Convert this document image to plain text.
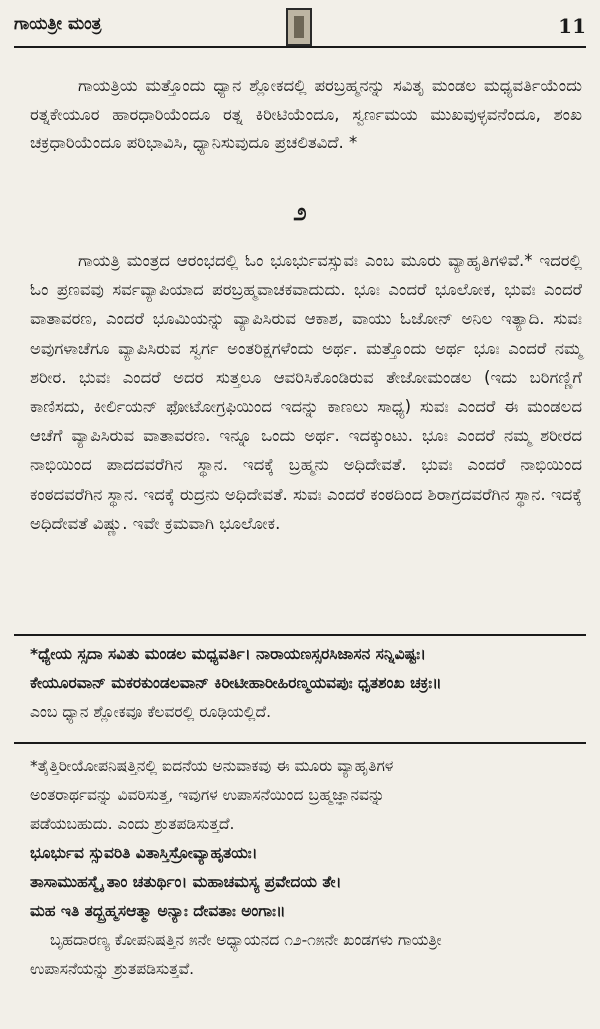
ಗಾಯತ್ರೀ ಮಂತ್ರ	11

ಗಾಯತ್ರಿಯ ಮತ್ತೊಂದು ಧ್ಯಾನ ಶ್ಲೋಕದಲ್ಲಿ ಪರಬ್ರಹ್ಮನನ್ನು ಸವಿತೃ ಮಂಡಲ ಮಧ್ಯವರ್ತಿಯೆಂದು ರತ್ನಕೇಯೂರ ಹಾರಧಾರಿಯೆಂದೂ ರತ್ನ ಕಿರೀಟಿಯೆಂದೂ, ಸ್ವರ್ಣಮಯ ಮುಖವುಳ್ಳವನೆಂದೂ, ಶಂಖ ಚಕ್ರಧಾರಿಯೆಂದೂ ಪರಿಭಾವಿಸಿ, ಧ್ಯಾನಿಸುವುದೂ ಪ್ರಚಲಿತವಿದೆ. *

೨

ಗಾಯತ್ರಿ ಮಂತ್ರದ ಆರಂಭದಲ್ಲಿ ಓಂ ಭೂರ್ಭುವಸ್ಸುವಃ ಎಂಬ ಮೂರು ವ್ಯಾಹೃತಿಗಳಿವೆ.* ಇದರಲ್ಲಿ ಓಂ ಪ್ರಣವವು ಸರ್ವವ್ಯಾಪಿಯಾದ ಪರಬ್ರಹ್ಮವಾಚಕವಾದುದು. ಭೂಃ ಎಂದರೆ ಭೂಲೋಕ, ಭುವಃ ಎಂದರೆ ವಾತಾವರಣ, ಎಂದರೆ ಭೂಮಿಯನ್ನು ವ್ಯಾಪಿಸಿರುವ ಆಕಾಶ, ವಾಯು ಓಜೋನ್ ಅನಿಲ ಇತ್ಯಾದಿ. ಸುವಃ ಅವುಗಳಾಚೆಗೂ ವ್ಯಾಪಿಸಿರುವ ಸ್ವರ್ಗ ಅಂತರಿಕ್ಷಗಳೆಂದು ಅರ್ಥ. ಮತ್ತೊಂದು ಅರ್ಥ ಭೂಃ ಎಂದರೆ ನಮ್ಮ ಶರೀರ. ಭುವಃ ಎಂದರೆ ಅದರ ಸುತ್ತಲೂ ಆವರಿಸಿಕೊಂಡಿರುವ ತೇಜೋಮಂಡಲ (ಇದು ಬರಿಗಣ್ಣಿಗೆ ಕಾಣಿಸದು, ಕೀರ್ಲಿಯನ್ ಫೋಟೋಗ್ರಫಿಯಿಂದ ಇದನ್ನು ಕಾಣಲು ಸಾಧ್ಯ) ಸುವಃ ಎಂದರೆ ಈ ಮಂಡಲದ ಆಚೆಗೆ ವ್ಯಾಪಿಸಿರುವ ವಾತಾವರಣ. ಇನ್ನೂ ಒಂದು ಅರ್ಥ. ಇದಕ್ಕುಂಟು. ಭೂಃ ಎಂದರೆ ನಮ್ಮ ಶರೀರದ ನಾಭಿಯಿಂದ ಪಾದದವರೆಗಿನ ಸ್ಥಾನ. ಇದಕ್ಕೆ ಬ್ರಹ್ಮನು ಅಧಿದೇವತೆ. ಭುವಃ ಎಂದರೆ ನಾಭಿಯಿಂದ ಕಂಠದವರೆಗಿನ ಸ್ಥಾನ. ಇದಕ್ಕೆ ರುದ್ರನು ಅಧಿದೇವತೆ. ಸುವಃ ಎಂದರೆ ಕಂಠದಿಂದ ಶಿರಾಗ್ರದವರೆಗಿನ ಸ್ಥಾನ. ಇದಕ್ಕೆ ಅಧಿದೇವತೆ ವಿಷ್ಣು. ಇವೇ ಕ್ರಮವಾಗಿ ಭೂಲೋಕ.

*ಧ್ಯೇಯ ಸ್ಸದಾ ಸವಿತು ಮಂಡಲ ಮಧ್ಯವರ್ತಿ। ನಾರಾಯಣಸ್ಸರಸಿಜಾಸನ ಸನ್ನಿವಿಷ್ಟಃ।
ಕೇಯೂರವಾನ್ ಮಕರಕುಂಡಲವಾನ್ ಕಿರೀಟೀಹಾರೀಹಿರಣ್ಮಯವಪುಃ ಧೃತಶಂಖ ಚಕ್ರಃ॥
ಎಂಬ ಧ್ಯಾನ ಶ್ಲೋಕವೂ ಕೆಲವರಲ್ಲಿ ರೂಢಿಯಲ್ಲಿದೆ.
*ತೈತ್ತಿರೀಯೋಪನಿಷತ್ತಿನಲ್ಲಿ ಐದನೆಯ ಅನುವಾಕವು ಈ ಮೂರು ವ್ಯಾಹೃತಿಗಳ
ಅಂತರಾರ್ಥವನ್ನು ವಿವರಿಸುತ್ತ, ಇವುಗಳ ಉಪಾಸನೆಯಿಂದ ಬ್ರಹ್ಮಜ್ಞಾನವನ್ನು
ಪಡೆಯಬಹುದು. ಎಂದು ಶ್ರುತಪಡಿಸುತ್ತದೆ.
ಭೂರ್ಭುವ ಸ್ಸುವರಿತಿ ವಿತಾಸ್ತಿಸ್ರೋವ್ಯಾಹೃತಯಃ।
ತಾಸಾಮುಹಸ್ಮೈ ತಾಂ ಚತುರ್ಥಿಂ। ಮಹಾಚಮಸ್ಯ ಪ್ರವೇದಯ ತೇ।
ಮಹ ಇತಿ ತದ್ಬ್ರಹ್ಮಸಆತ್ಮಾ ಅನ್ಯಾಃ ದೇವತಾಃ ಅಂಗಾಃ॥
ಬೃಹದಾರಣ್ಯ ಕೋಪನಿಷತ್ತಿನ ೫ನೇ ಅಧ್ಯಾಯನದ ೧೨-೧೫ನೇ ಖಂಡಗಳು ಗಾಯತ್ರೀ
ಉಪಾಸನೆಯನ್ನು ಶ್ರುತಪಡಿಸುತ್ತವೆ.
